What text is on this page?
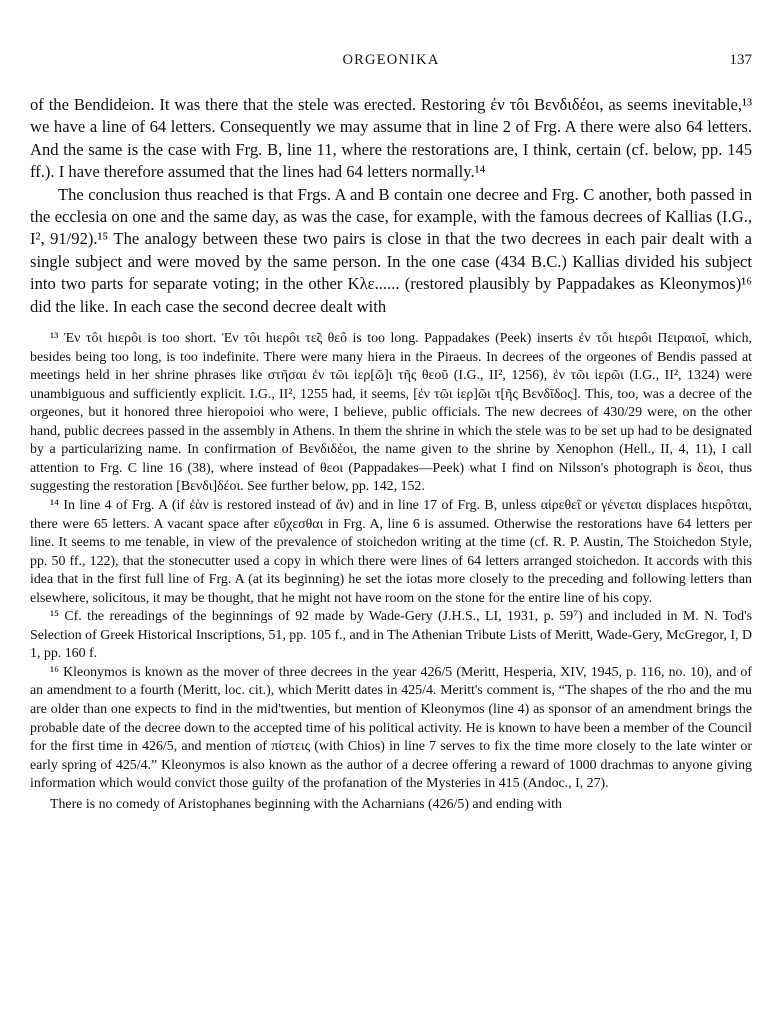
ORGEONIKA	137

of the Bendideion. It was there that the stele was erected. Restoring ἐν τôι Βενδιδέοι, as seems inevitable,¹³ we have a line of 64 letters. Consequently we may assume that in line 2 of Frg. A there were also 64 letters. And the same is the case with Frg. B, line 11, where the restorations are, I think, certain (cf. below, pp. 145 ff.). I have therefore assumed that the lines had 64 letters normally.¹⁴

The conclusion thus reached is that Frgs. A and B contain one decree and Frg. C another, both passed in the ecclesia on one and the same day, as was the case, for example, with the famous decrees of Kallias (I.G., I², 91/92).¹⁵ The analogy between these two pairs is close in that the two decrees in each pair dealt with a single subject and were moved by the same person. In the one case (434 B.C.) Kallias divided his subject into two parts for separate voting; in the other Κλε...... (restored plausibly by Pappadakes as Kleonymos)¹⁶ did the like. In each case the second decree dealt with

¹³ Ἐν τôι hιερôι is too short. Ἐν τôι hιερôι τε̃ς θεô is too long. Pappadakes (Peek) inserts ἐν τôι hιερôι Πειραιοῖ, which, besides being too long, is too indefinite. There were many hiera in the Piraeus. In decrees of the orgeones of Bendis passed at meetings held in her shrine phrases like στῆσαι ἐν τῶι ἱερ[ῶ]ι τῆς θεοῦ (I.G., II², 1256), ἐν τῶι ἱερῶι (I.G., II², 1324) were unambiguous and sufficiently explicit. I.G., II², 1255 had, it seems, [ἐν τῶι ἱερ]ῶι τ[ῆς Βενδῖδος]. This, too, was a decree of the orgeones, but it honored three hieropoioi who were, I believe, public officials. The new decrees of 430/29 were, on the other hand, public decrees passed in the assembly in Athens. In them the shrine in which the stele was to be set up had to be designated by a particularizing name. In confirmation of Βενδιδέοι, the name given to the shrine by Xenophon (Hell., II, 4, 11), I call attention to Frg. C line 16 (38), where instead of θεοι (Pappadakes—Peek) what I find on Nilsson's photograph is δεοι, thus suggesting the restoration [Βενδι]δέοι. See further below, pp. 142, 152.

¹⁴ In line 4 of Frg. A (if ἐὰν is restored instead of ἄν) and in line 17 of Frg. B, unless αἱρεθε̃ι or γένεται displaces hιερôται, there were 65 letters. A vacant space after εὔχεσθαι in Frg. A, line 6 is assumed. Otherwise the restorations have 64 letters per line. It seems to me tenable, in view of the prevalence of stoichedon writing at the time (cf. R. P. Austin, The Stoichedon Style, pp. 50 ff., 122), that the stonecutter used a copy in which there were lines of 64 letters arranged stoichedon. It accords with this idea that in the first full line of Frg. A (at its beginning) he set the iotas more closely to the preceding and following letters than elsewhere, solicitous, it may be thought, that he might not have room on the stone for the entire line of his copy.

¹⁵ Cf. the rereadings of the beginnings of 92 made by Wade-Gery (J.H.S., LI, 1931, p. 59⁷) and included in M. N. Tod's Selection of Greek Historical Inscriptions, 51, pp. 105 f., and in The Athenian Tribute Lists of Meritt, Wade-Gery, McGregor, I, D 1, pp. 160 f.

¹⁶ Kleonymos is known as the mover of three decrees in the year 426/5 (Meritt, Hesperia, XIV, 1945, p. 116, no. 10), and of an amendment to a fourth (Meritt, loc. cit.), which Meritt dates in 425/4. Meritt's comment is, “The shapes of the rho and the mu are older than one expects to find in the mid'twenties, but mention of Kleonymos (line 4) as sponsor of an amendment brings the probable date of the decree down to the accepted time of his political activity. He is known to have been a member of the Council for the first time in 426/5, and mention of πίστεις (with Chios) in line 7 serves to fix the time more closely to the late winter or early spring of 425/4.” Kleonymos is also known as the author of a decree offering a reward of 1000 drachmas to anyone giving information which would convict those guilty of the profanation of the Mysteries in 415 (Andoc., I, 27).

There is no comedy of Aristophanes beginning with the Acharnians (426/5) and ending with
